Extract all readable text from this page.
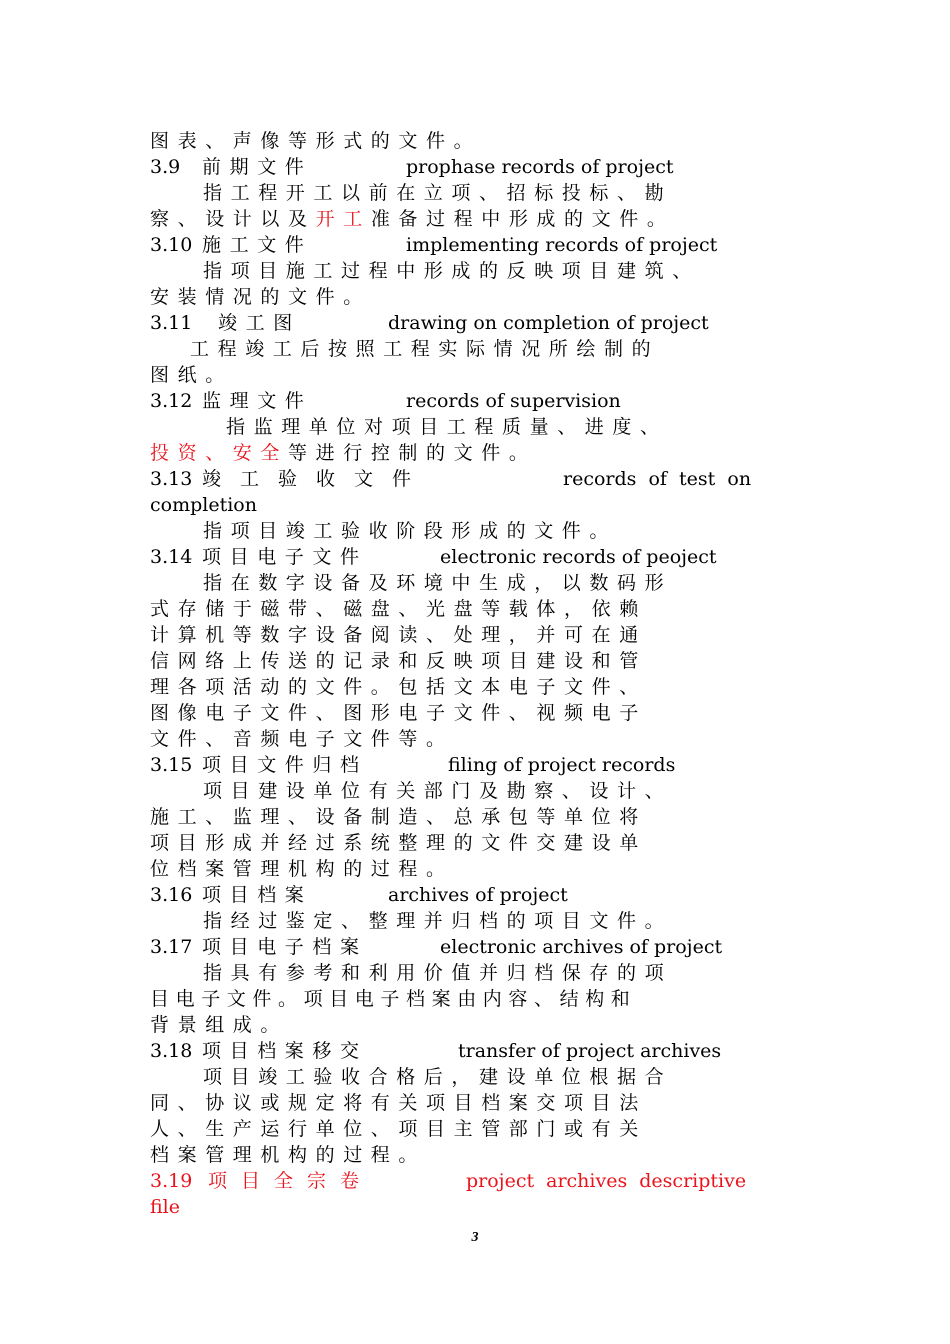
图表、声像等形式的文件。
3.9 前期文件	prophase records of project
指工程开工以前在立项、招标投标、勘
察、设计以及开工准备过程中形成的文件。
3.10 施工文件	implementing records of project
指项目施工过程中形成的反映项目建筑、
安装情况的文件。
3.11 竣工图	drawing on completion of project
工程竣工后按照工程实际情况所绘制的
图纸。
3.12 监理文件	records of supervision
指监理单位对项目工程质量、进度、
投资、安全等进行控制的文件。
3.13 竣工验收文件	records  of  test  on
completion
指项目竣工验收阶段形成的文件。
3.14 项目电子文件	electronic records of peoject
指在数字设备及环境中生成，以数码形
式存储于磁带、磁盘、光盘等载体，依赖
计算机等数字设备阅读、处理，并可在通
信网络上传送的记录和反映项目建设和管
理各项活动的文件。包括文本电子文件、
图像电子文件、图形电子文件、视频电子
文件、音频电子文件等。
3.15 项目文件归档	filing of project records
项目建设单位有关部门及勘察、设计、
施工、监理、设备制造、总承包等单位将
项目形成并经过系统整理的文件交建设单
位档案管理机构的过程。
3.16 项目档案	archives of project
指经过鉴定、整理并归档的项目文件。
3.17 项目电子档案	electronic archives of project
指具有参考和利用价值并归档保存的项
目电子文件。项目电子档案由内容、结构和
背景组成。
3.18 项目档案移交	transfer of project archives
项目竣工验收合格后，建设单位根据合
同、协议或规定将有关项目档案交项目法
人、生产运行单位、项目主管部门或有关
档案管理机构的过程。
3.19 项目全宗卷	project archives descriptive
file
3
